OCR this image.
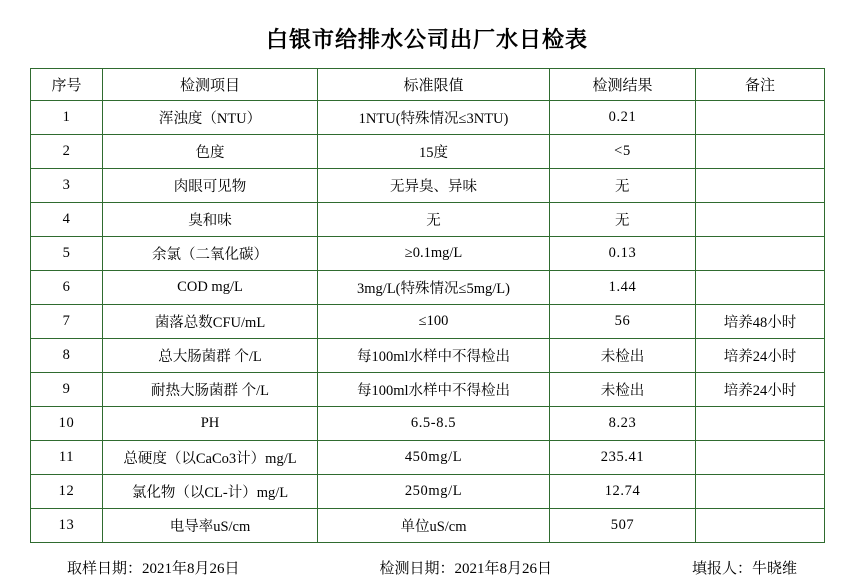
白银市给排水公司出厂水日检表
序号	检测项目	标准限值	检测结果	备注
1	浑浊度（NTU）	1NTU(特殊情况≤3NTU)	0.21	
2	色度	15度	<5	
3	肉眼可见物	无异臭、异味	无	
4	臭和味	无	无	
5	余氯（二氧化碳）	≥0.1mg/L	0.13	
6	COD mg/L	3mg/L(特殊情况≤5mg/L)	1.44	
7	菌落总数CFU/mL	≤100	56	培养48小时
8	总大肠菌群 个/L	每100ml水样中不得检出	未检出	培养24小时
9	耐热大肠菌群 个/L	每100ml水样中不得检出	未检出	培养24小时
10	PH	6.5-8.5	8.23	
11	总硬度（以CaCo3计）mg/L	450mg/L	235.41	
12	氯化物（以CL-计）mg/L	250mg/L	12.74	
13	电导率uS/cm	单位uS/cm	507	
取样日期：2021年8月26日	检测日期：2021年8月26日	填报人：牛晓维
